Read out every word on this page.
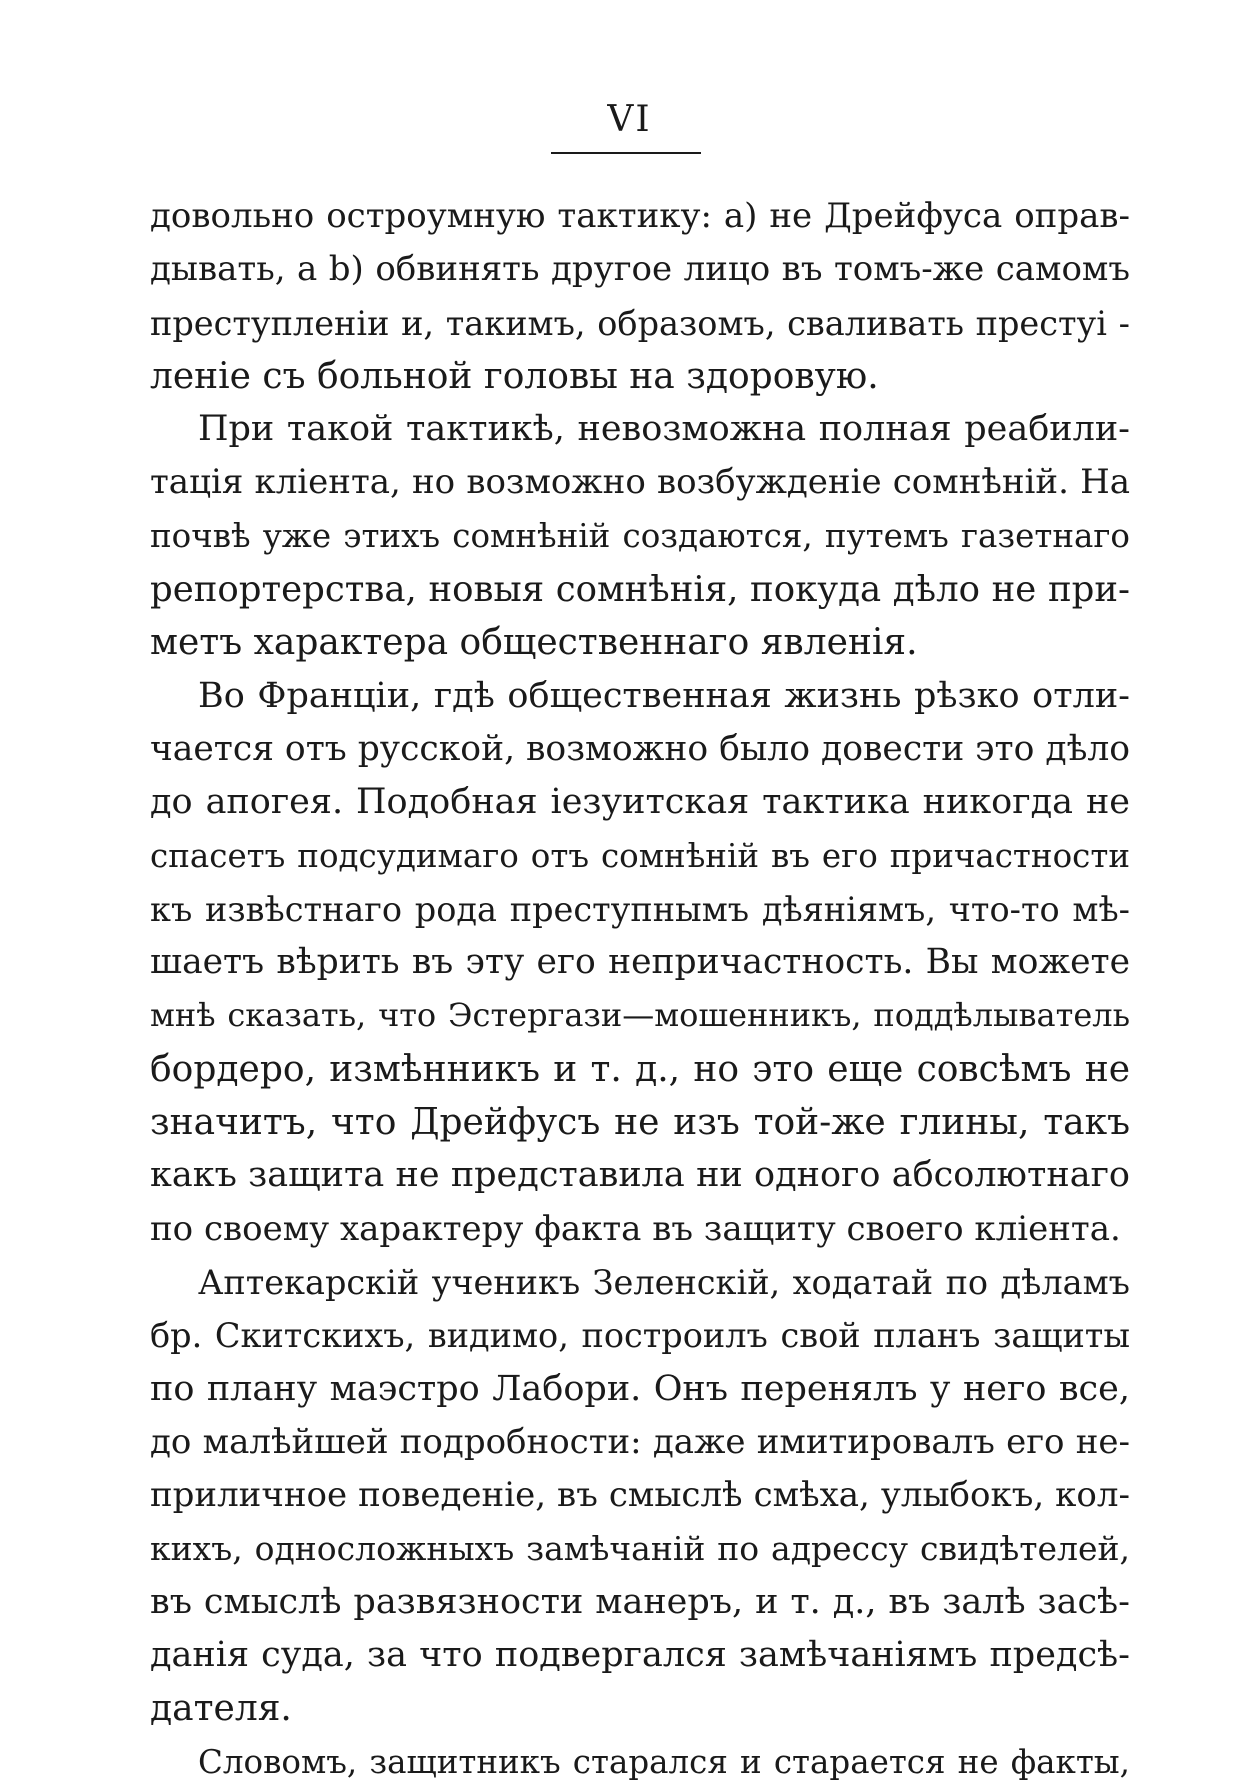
VI
довольно остроумную тактику: а) не Дрейфуса оправ-
дывать, а b) обвинять другое лицо въ томъ-же самомъ
преступленіи и, такимъ, образомъ, сваливать престуі -
леніе съ больной головы на здоровую.
При такой тактикѣ, невозможна полная реабили-
тація кліента, но возможно возбужденіе сомнѣній. На
почвѣ уже этихъ сомнѣній создаются, путемъ газетнаго
репортерства, новыя сомнѣнія, покуда дѣло не при-
метъ характера общественнаго явленія.
Во Франціи, гдѣ общественная жизнь рѣзко отли-
чается отъ русской, возможно было довести это дѣло
до апогея. Подобная іезуитская тактика никогда не
спасетъ подсудимаго отъ сомнѣній въ его причастности
къ извѣстнаго рода преступнымъ дѣяніямъ, что-то мѣ-
шаетъ вѣрить въ эту его непричастность. Вы можете
мнѣ сказать, что Эстергази—мошенникъ, поддѣлыватель
бордеро, измѣнникъ и т. д., но это еще совсѣмъ не
значитъ, что Дрейфусъ не изъ той-же глины, такъ
какъ защита не представила ни одного абсолютнаго
по своему характеру факта въ защиту своего кліента.
Аптекарскій ученикъ Зеленскій, ходатай по дѣламъ
бр. Скитскихъ, видимо, построилъ свой планъ защиты
по плану маэстро Лабори. Онъ перенялъ у него все,
до малѣйшей подробности: даже имитировалъ его не-
приличное поведеніе, въ смыслѣ смѣха, улыбокъ, кол-
кихъ, односложныхъ замѣчаній по адрессу свидѣтелей,
въ смыслѣ развязности манеръ, и т. д., въ залѣ засѣ-
данія суда, за что подвергался замѣчаніямъ предсѣ-
дателя.
Словомъ, защитникъ старался и старается не факты,
